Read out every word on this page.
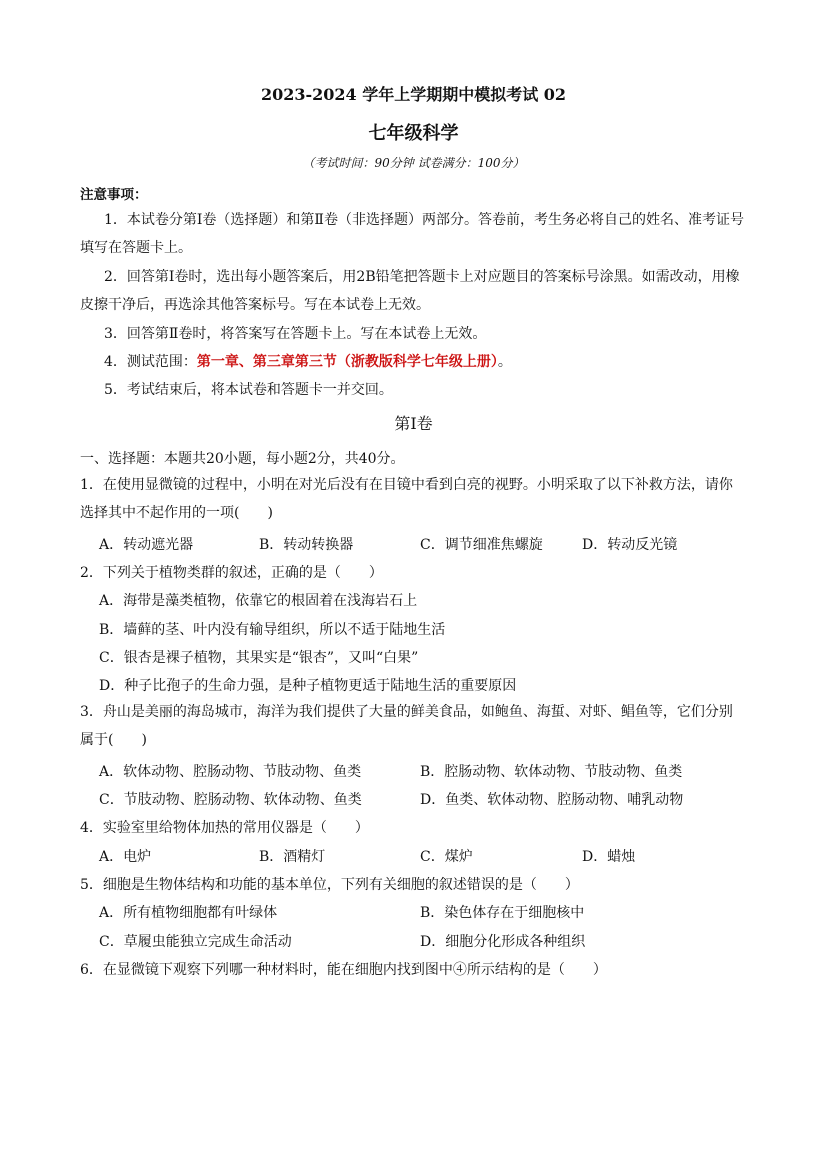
2023-2024 学年上学期期中模拟考试 02
七年级科学
（考试时间：90分钟 试卷满分：100分）
注意事项：
1．本试卷分第Ⅰ卷（选择题）和第Ⅱ卷（非选择题）两部分。答卷前，考生务必将自己的姓名、准考证号填写在答题卡上。
2．回答第Ⅰ卷时，选出每小题答案后，用2B铅笔把答题卡上对应题目的答案标号涂黑。如需改动，用橡皮擦干净后，再选涂其他答案标号。写在本试卷上无效。
3．回答第Ⅱ卷时，将答案写在答题卡上。写在本试卷上无效。
4．测试范围：第一章、第三章第三节（浙教版科学七年级上册）。
5．考试结束后，将本试卷和答题卡一并交回。
第Ⅰ卷
一、选择题：本题共20小题，每小题2分，共40分。
1．在使用显微镜的过程中，小明在对光后没有在目镜中看到白亮的视野。小明采取了以下补救方法，请你选择其中不起作用的一项(　　)
A．转动遮光器	B．转动转换器	C．调节细准焦螺旋	D．转动反光镜
2．下列关于植物类群的叙述，正确的是（　　）
A．海带是藻类植物，依靠它的根固着在浅海岩石上
B．墙藓的茎、叶内没有输导组织，所以不适于陆地生活
C．银杏是裸子植物，其果实是“银杏”，又叫“白果”
D．种子比孢子的生命力强，是种子植物更适于陆地生活的重要原因
3．舟山是美丽的海岛城市，海洋为我们提供了大量的鲜美食品，如鲍鱼、海蜇、对虾、鲳鱼等，它们分别属于(　　)
A．软体动物、腔肠动物、节肢动物、鱼类	B．腔肠动物、软体动物、节肢动物、鱼类
C．节肢动物、腔肠动物、软体动物、鱼类	D．鱼类、软体动物、腔肠动物、哺乳动物
4．实验室里给物体加热的常用仪器是（　　）
A．电炉	B．酒精灯	C．煤炉	D．蜡烛
5．细胞是生物体结构和功能的基本单位，下列有关细胞的叙述错误的是（　　）
A．所有植物细胞都有叶绿体	B．染色体存在于细胞核中
C．草履虫能独立完成生命活动	D．细胞分化形成各种组织
6．在显微镜下观察下列哪一种材料时，能在细胞内找到图中④所示结构的是（　　）
